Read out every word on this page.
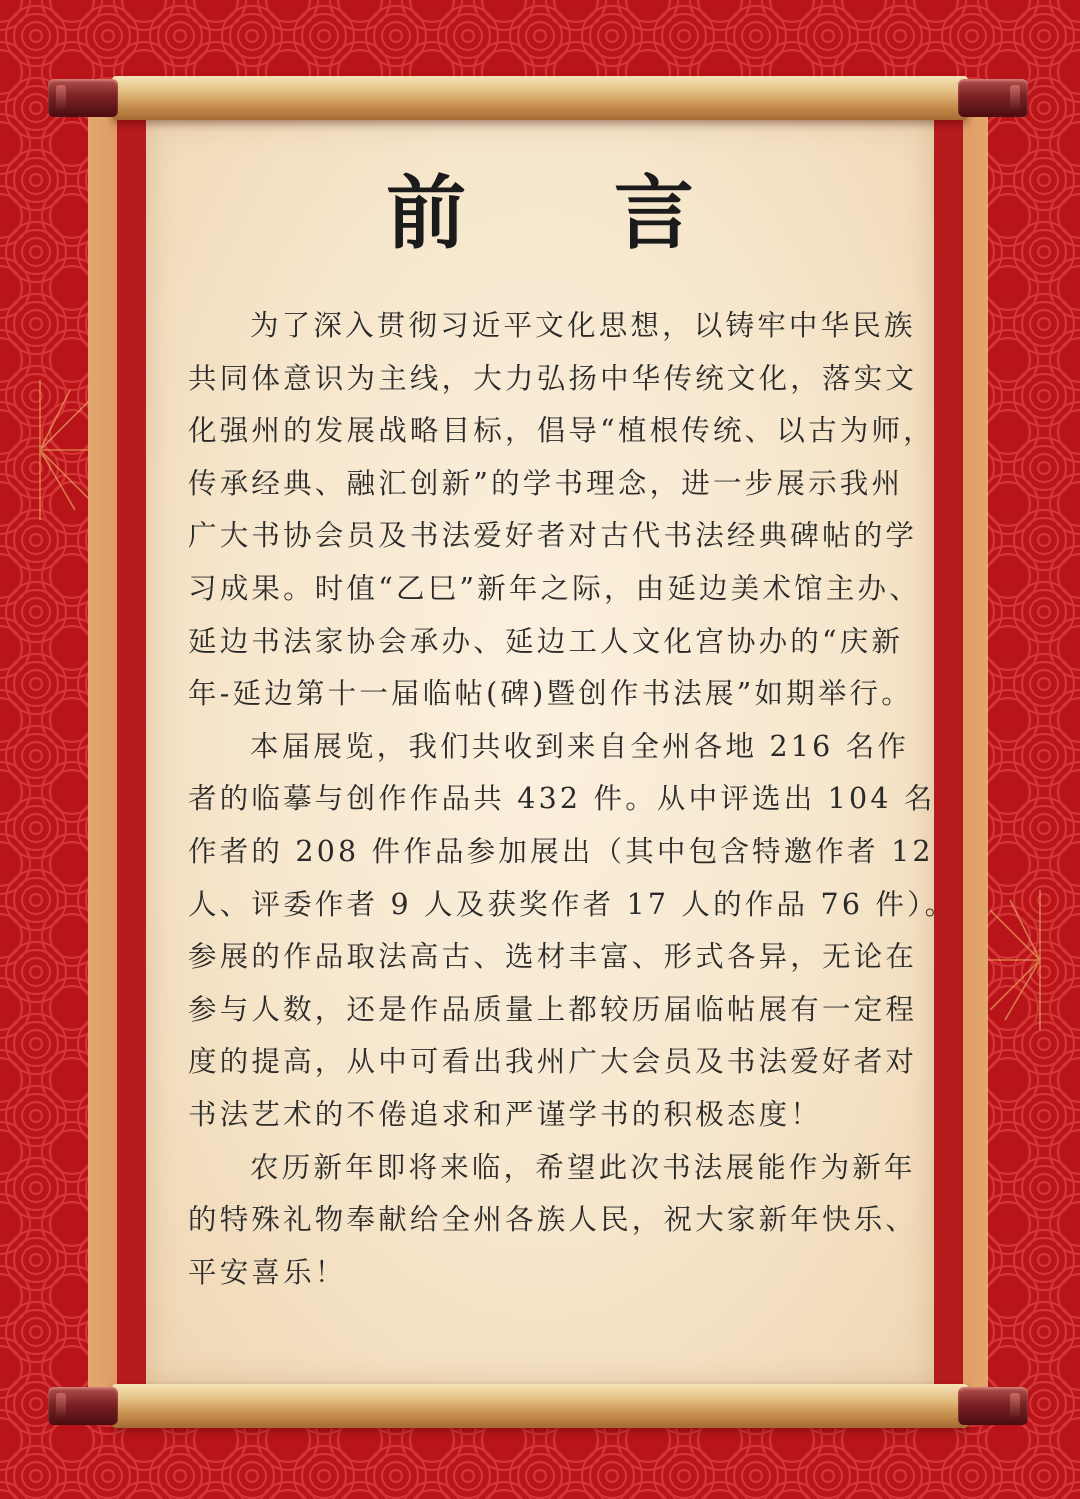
前 言

为了深入贯彻习近平文化思想，以铸牢中华民族
共同体意识为主线，大力弘扬中华传统文化，落实文
化强州的发展战略目标，倡导“植根传统、以古为师，
传承经典、融汇创新”的学书理念，进一步展示我州
广大书协会员及书法爱好者对古代书法经典碑帖的学
习成果。时值“乙巳”新年之际，由延边美术馆主办、
延边书法家协会承办、延边工人文化宫协办的“庆新
年-延边第十一届临帖(碑)暨创作书法展”如期举行。

本届展览，我们共收到来自全州各地 216 名作
者的临摹与创作作品共 432 件。从中评选出 104 名
作者的 208 件作品参加展出（其中包含特邀作者 12
人、评委作者 9 人及获奖作者 17 人的作品 76 件）。
参展的作品取法高古、选材丰富、形式各异，无论在
参与人数，还是作品质量上都较历届临帖展有一定程
度的提高，从中可看出我州广大会员及书法爱好者对
书法艺术的不倦追求和严谨学书的积极态度！

农历新年即将来临，希望此次书法展能作为新年
的特殊礼物奉献给全州各族人民，祝大家新年快乐、
平安喜乐！
